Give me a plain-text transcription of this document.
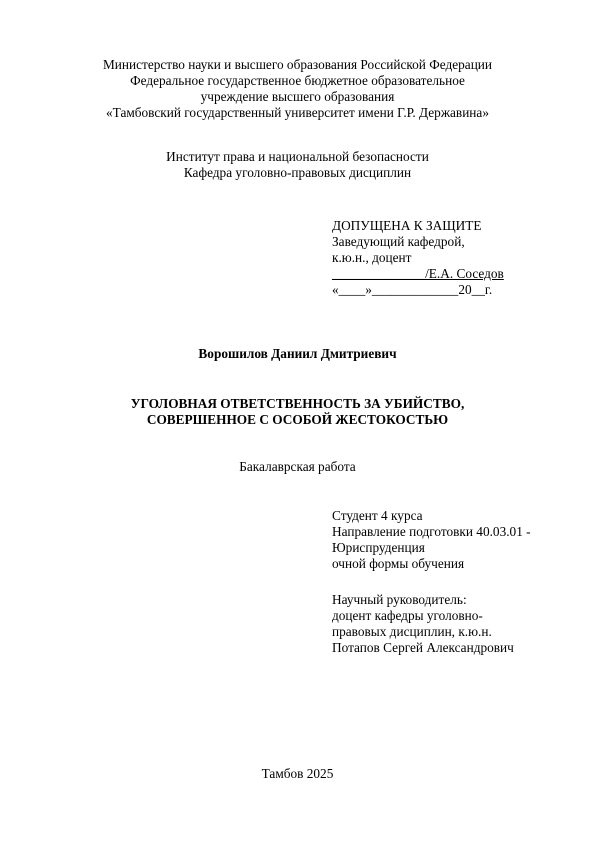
Министерство науки и высшего образования Российской Федерации
Федеральное государственное бюджетное образовательное
учреждение высшего образования
«Тамбовский государственный университет имени Г.Р. Державина»
Институт права и национальной безопасности
Кафедра уголовно-правовых дисциплин
ДОПУЩЕНА К ЗАЩИТЕ
Заведующий кафедрой,
к.ю.н., доцент
______________/Е.А. Соседов
«____»_____________20__г.
Ворошилов Даниил Дмитриевич
УГОЛОВНАЯ ОТВЕТСТВЕННОСТЬ ЗА УБИЙСТВО,
СОВЕРШЕННОЕ С ОСОБОЙ ЖЕСТОКОСТЬЮ
Бакалаврская работа
Студент 4 курса
Направление подготовки 40.03.01 -
Юриспруденция
очной формы обучения
Научный руководитель:
доцент кафедры уголовно-
правовых дисциплин, к.ю.н.
Потапов Сергей Александрович
Тамбов 2025
